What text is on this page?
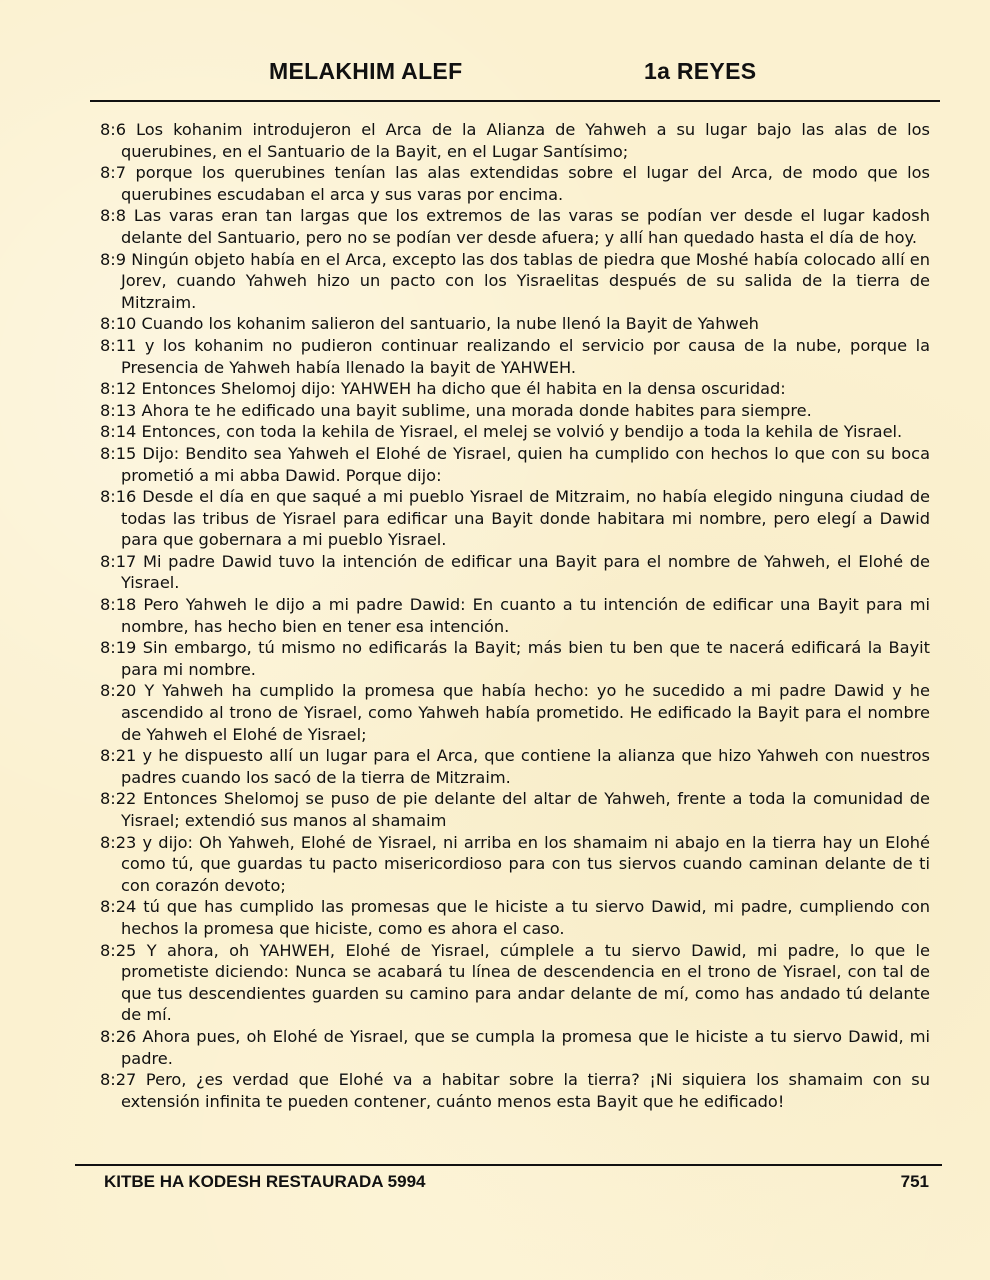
MELAKHIM ALEF	1a REYES

8:6 Los kohanim introdujeron el Arca de la Alianza de Yahweh a su lugar bajo las alas de los querubines, en el Santuario de la Bayit, en el Lugar Santísimo;

8:7 porque los querubines tenían las alas extendidas sobre el lugar del Arca, de modo que los querubines escudaban el arca y sus varas por encima.

8:8 Las varas eran tan largas que los extremos de las varas se podían ver desde el lugar kadosh delante del Santuario, pero no se podían ver desde afuera; y allí han quedado hasta el día de hoy.

8:9 Ningún objeto había en el Arca, excepto las dos tablas de piedra que Moshé había colocado allí en Jorev, cuando Yahweh hizo un pacto con los Yisraelitas después de su salida de la tierra de Mitzraim.

8:10 Cuando los kohanim salieron del santuario, la nube llenó la Bayit de Yahweh

8:11 y los kohanim no pudieron continuar realizando el servicio por causa de la nube, porque la Presencia de Yahweh había llenado la bayit de YAHWEH.

8:12 Entonces Shelomoj dijo: YAHWEH ha dicho que él habita en la densa oscuridad:

8:13 Ahora te he edificado una bayit sublime, una morada donde habites para siempre.

8:14 Entonces, con toda la kehila de Yisrael, el melej se volvió y bendijo a toda la kehila de Yisrael.

8:15 Dijo: Bendito sea Yahweh el Elohé de Yisrael, quien ha cumplido con hechos lo que con su boca prometió a mi abba Dawid. Porque dijo:

8:16 Desde el día en que saqué a mi pueblo Yisrael de Mitzraim, no había elegido ninguna ciudad de todas las tribus de Yisrael para edificar una Bayit donde habitara mi nombre, pero elegí a Dawid para que gobernara a mi pueblo Yisrael.

8:17 Mi padre Dawid tuvo la intención de edificar una Bayit para el nombre de Yahweh, el Elohé de Yisrael.

8:18 Pero Yahweh le dijo a mi padre Dawid: En cuanto a tu intención de edificar una Bayit para mi nombre, has hecho bien en tener esa intención.

8:19 Sin embargo, tú mismo no edificarás la Bayit; más bien tu ben que te nacerá edificará la Bayit para mi nombre.

8:20 Y Yahweh ha cumplido la promesa que había hecho: yo he sucedido a mi padre Dawid y he ascendido al trono de Yisrael, como Yahweh había prometido. He edificado la Bayit para el nombre de Yahweh el Elohé de Yisrael;

8:21 y he dispuesto allí un lugar para el Arca, que contiene la alianza que hizo Yahweh con nuestros padres cuando los sacó de la tierra de Mitzraim.

8:22 Entonces Shelomoj se puso de pie delante del altar de Yahweh, frente a toda la comunidad de Yisrael; extendió sus manos al shamaim

8:23 y dijo: Oh Yahweh, Elohé de Yisrael, ni arriba en los shamaim ni abajo en la tierra hay un Elohé como tú, que guardas tu pacto misericordioso para con tus siervos cuando caminan delante de ti con corazón devoto;

8:24 tú que has cumplido las promesas que le hiciste a tu siervo Dawid, mi padre, cumpliendo con hechos la promesa que hiciste, como es ahora el caso.

8:25 Y ahora, oh YAHWEH, Elohé de Yisrael, cúmplele a tu siervo Dawid, mi padre, lo que le prometiste diciendo: Nunca se acabará tu línea de descendencia en el trono de Yisrael, con tal de que tus descendientes guarden su camino para andar delante de mí, como has andado tú delante de mí.

8:26 Ahora pues, oh Elohé de Yisrael, que se cumpla la promesa que le hiciste a tu siervo Dawid, mi padre.

8:27 Pero, ¿es verdad que Elohé va a habitar sobre la tierra? ¡Ni siquiera los shamaim con su extensión infinita te pueden contener, cuánto menos esta Bayit que he edificado!

KITBE HA KODESH RESTAURADA 5994	751
